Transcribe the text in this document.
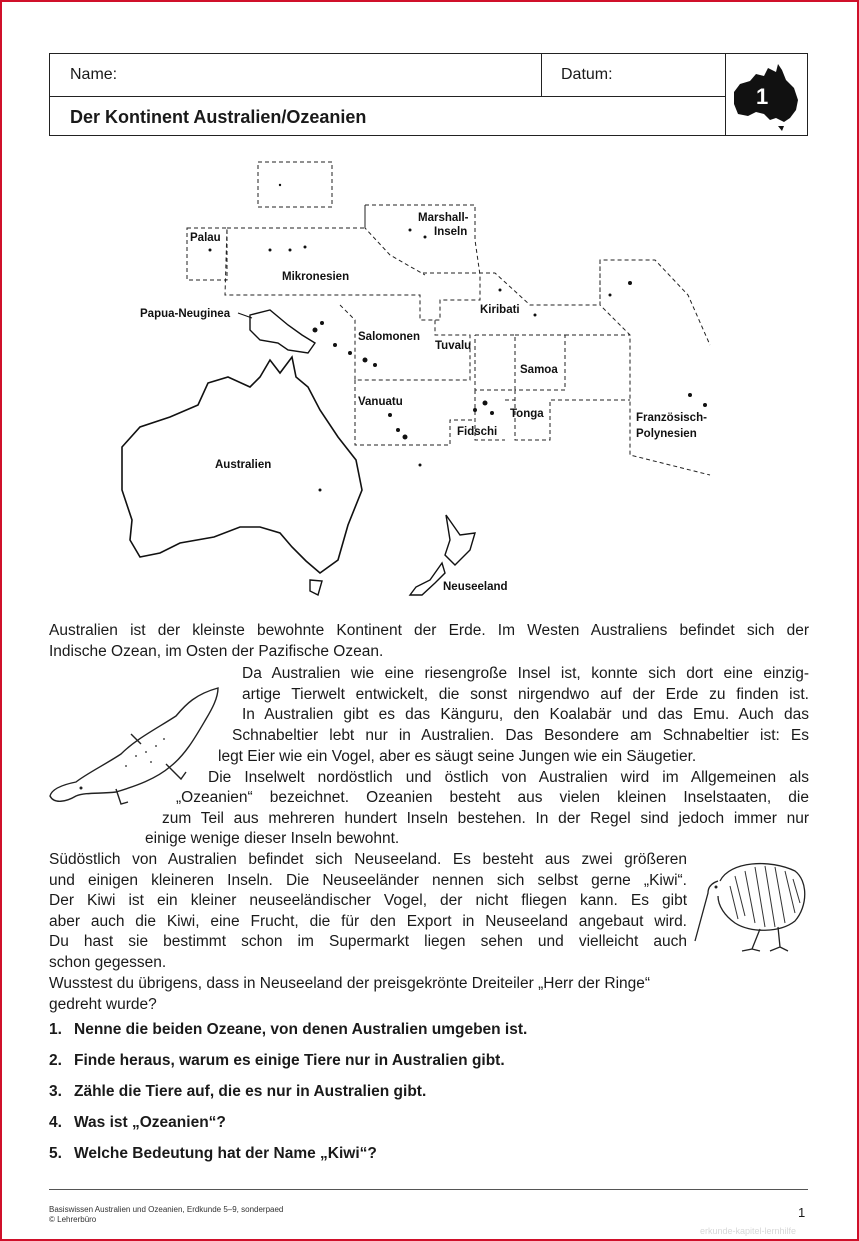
Name:	Datum:
Der Kontinent Australien/Ozeanien
1
Palau
Mikronesien
Marshall-
Inseln
Kiribati
Papua-Neuginea
Salomonen
Tuvalu
Samoa
Vanuatu
Tonga
Fidschi
Französisch-
Polynesien
Australien
Neuseeland
Australien ist der kleinste bewohnte Kontinent der Erde. Im Westen Australiens befindet sich der
Indische Ozean, im Osten der Pazifische Ozean.
Da Australien wie eine riesengroße Insel ist, konnte sich dort eine einzig-
artige Tierwelt entwickelt, die sonst nirgendwo auf der Erde zu finden ist.
In Australien gibt es das Känguru, den Koalabär und das Emu. Auch das
Schnabeltier lebt nur in Australien. Das Besondere am Schnabeltier ist: Es
legt Eier wie ein Vogel, aber es säugt seine Jungen wie ein Säugetier.
Die Inselwelt nordöstlich und östlich von Australien wird im Allgemeinen als
„Ozeanien“ bezeichnet. Ozeanien besteht aus vielen kleinen Inselstaaten, die
zum Teil aus mehreren hundert Inseln bestehen. In der Regel sind jedoch immer nur
einige wenige dieser Inseln bewohnt.
Südöstlich von Australien befindet sich Neuseeland. Es besteht aus zwei größeren
und einigen kleineren Inseln. Die Neuseeländer nennen sich selbst gerne „Kiwi“.
Der Kiwi ist ein kleiner neuseeländischer Vogel, der nicht fliegen kann. Es gibt
aber auch die Kiwi, eine Frucht, die für den Export in Neuseeland angebaut wird.
Du hast sie bestimmt schon im Supermarkt liegen sehen und vielleicht auch
schon gegessen.
Wusstest du übrigens, dass in Neuseeland der preisgekrönte Dreiteiler „Herr der Ringe“
gedreht wurde?
1. Nenne die beiden Ozeane, von denen Australien umgeben ist.
2. Finde heraus, warum es einige Tiere nur in Australien gibt.
3. Zähle die Tiere auf, die es nur in Australien gibt.
4. Was ist „Ozeanien“?
5. Welche Bedeutung hat der Name „Kiwi“?
Basiswissen Australien und Ozeanien, Erdkunde 5–9, sonderpaed
© Lehrerbüro	1
erkunde-kapitel-lernhilfe
